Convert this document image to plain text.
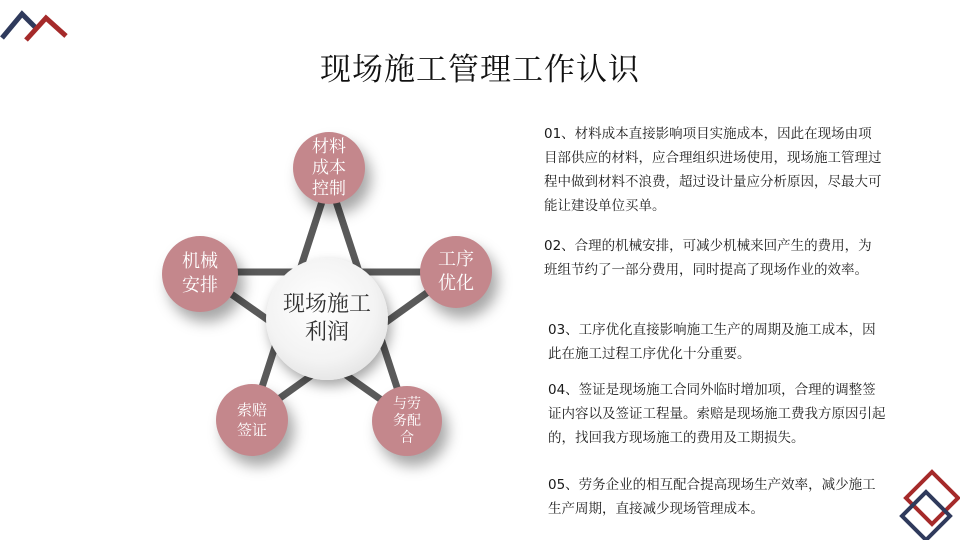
现场施工管理工作认识
材料
成本
控制
工序
优化
机械
安排
索赔
签证
与劳
务配
合
现场施工
利润
01、材料成本直接影响项目实施成本，因此在现场由项目部供应的材料，应合理组织进场使用，现场施工管理过程中做到材料不浪费，超过设计量应分析原因，尽最大可能让建设单位买单。
02、合理的机械安排，可减少机械来回产生的费用，为班组节约了一部分费用，同时提高了现场作业的效率。
03、工序优化直接影响施工生产的周期及施工成本，因此在施工过程工序优化十分重要。
04、签证是现场施工合同外临时增加项，合理的调整签证内容以及签证工程量。索赔是现场施工费我方原因引起的，找回我方现场施工的费用及工期损失。
05、劳务企业的相互配合提高现场生产效率，减少施工生产周期，直接减少现场管理成本。
